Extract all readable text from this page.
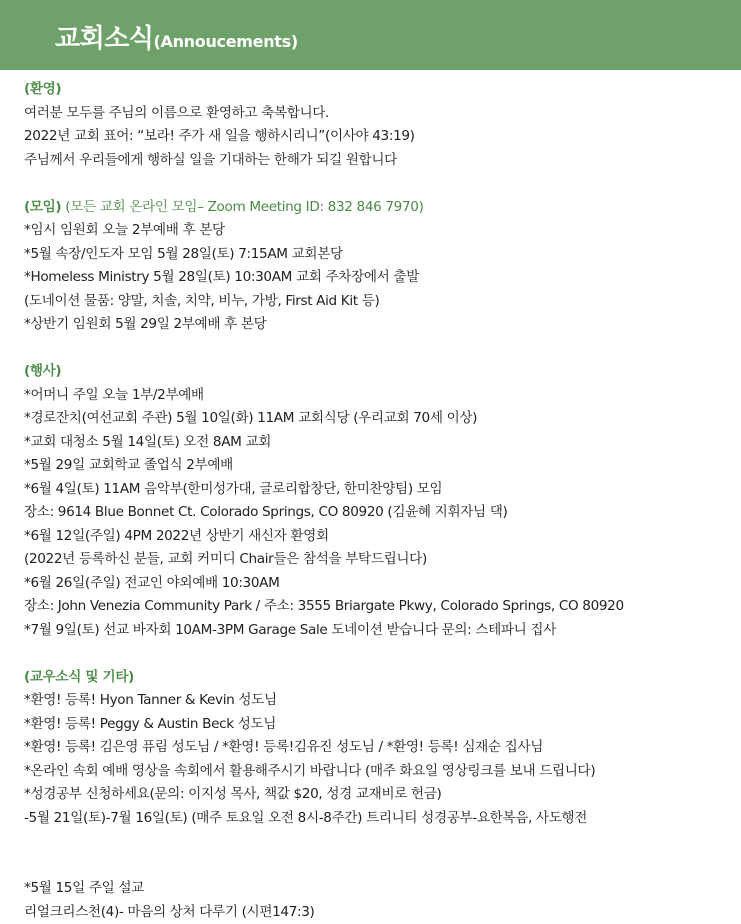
교회소식(Annoucements)
(환영)
여러분 모두를 주님의 이름으로 환영하고 축복합니다.
2022년 교회 표어: “보라! 주가 새 일을 행하시리니”(이사야 43:19)
주님께서 우리들에게 행하실 일을 기대하는 한해가 되길 원합니다
(모임) (모든 교회 온라인 모임– Zoom Meeting ID: 832 846 7970)
*임시 임원회 오늘 2부예배 후 본당
*5월 속장/인도자 모임 5월 28일(토) 7:15AM 교회본당
*Homeless Ministry 5월 28일(토) 10:30AM 교회 주차장에서 출발
(도네이션 물품: 양말, 치솔, 치약, 비누, 가방, First Aid Kit 등)
*상반기 임원회 5월 29일 2부예배 후 본당
(행사)
*어머니 주일 오늘 1부/2부예배
*경로잔치(여선교회 주관) 5월 10일(화) 11AM 교회식당 (우리교회 70세 이상)
*교회 대청소 5월 14일(토) 오전 8AM 교회
*5월 29일 교회학교 졸업식 2부예배
*6월 4일(토) 11AM 음악부(한미성가대, 글로리합창단, 한미찬양팀) 모임
장소: 9614 Blue Bonnet Ct. Colorado Springs, CO 80920 (김윤혜 지휘자님 댁)
*6월 12일(주일) 4PM 2022년 상반기 새신자 환영회
(2022년 등록하신 분들, 교회 커미디 Chair들은 참석을 부탁드립니다)
*6월 26일(주일) 전교인 야외예배 10:30AM
장소: John Venezia Community Park / 주소: 3555 Briargate Pkwy, Colorado Springs, CO 80920
*7월 9일(토) 선교 바자회 10AM-3PM Garage Sale 도네이션 받습니다 문의: 스테파니 집사
(교우소식 및 기타)
*환영! 등록! Hyon Tanner & Kevin 성도님
*환영! 등록! Peggy & Austin Beck 성도님
*환영! 등록! 김은영 퓨림 성도님 / *환영! 등록!김유진 성도님 / *환영! 등록! 심재순 집사님
*온라인 속회 예배 영상을 속회에서 활용해주시기 바랍니다 (매주 화요일 영상링크를 보내 드립니다)
*성경공부 신청하세요(문의: 이지성 목사, 책값 $20, 성경 교재비로 헌금)
-5월 21일(토)-7월 16일(토) (매주 토요일 오전 8시-8주간) 트리니티 성경공부-요한복음, 사도행전
*5월 15일 주일 설교
리얼크리스천(4)- 마음의 상처 다루기 (시편147:3)
